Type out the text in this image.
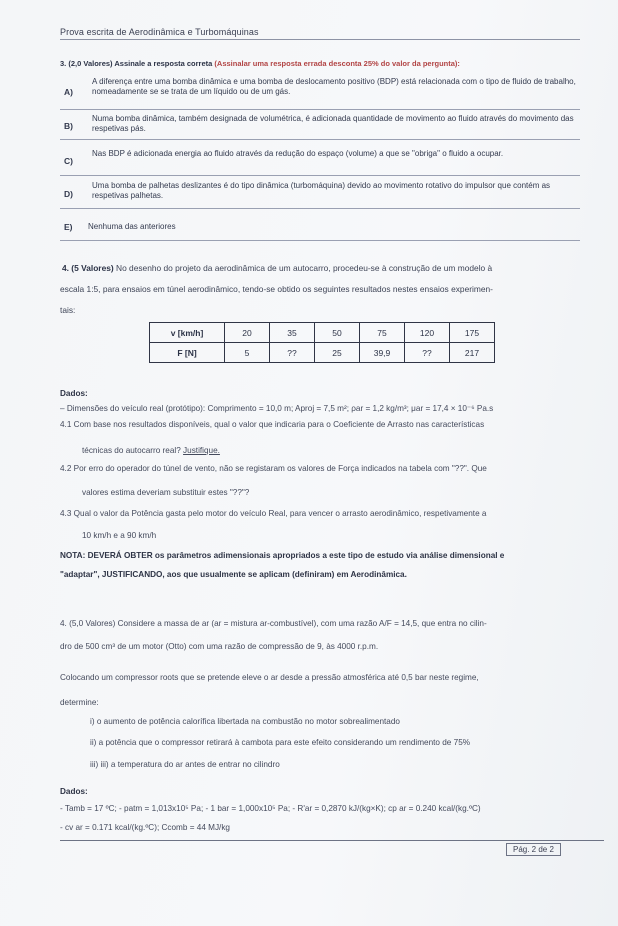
Prova escrita de Aerodinâmica e Turbomáquinas
3. (2,0 Valores) Assinale a resposta correta (Assinalar uma resposta errada desconta 25% do valor da pergunta):
A)
A diferença entre uma bomba dinâmica e uma bomba de deslocamento positivo (BDP) está relacionada com o tipo de fluido de trabalho, nomeadamente se se trata de um líquido ou de um gás.
B)
Numa bomba dinâmica, também designada de volumétrica, é adicionada quantidade de movimento ao fluido através do movimento das respetivas pás.
C)
Nas BDP é adicionada energia ao fluido através da redução do espaço (volume) a que se "obriga" o fluido a ocupar.
D)
Uma bomba de palhetas deslizantes é do tipo dinâmica (turbomáquina) devido ao movimento rotativo do impulsor que contém as respetivas palhetas.
E) Nenhuma das anteriores
4. (5 Valores) No desenho do projeto da aerodinâmica de um autocarro, procedeu-se à construção de um modelo à
escala 1:5, para ensaios em túnel aerodinâmico, tendo-se obtido os seguintes resultados nestes ensaios experimen-
tais:
v [km/h]	20	35	50	75	120	175
F [N]	5	??	25	39,9	??	217
Dados:
– Dimensões do veículo real (protótipo): Comprimento = 10,0 m; Aproj = 7,5 m²; ρar = 1,2 kg/m³; μar = 17,4 × 10⁻⁶ Pa.s
4.1 Com base nos resultados disponíveis, qual o valor que indicaria para o Coeficiente de Arrasto nas características
técnicas do autocarro real? Justifique.
4.2 Por erro do operador do túnel de vento, não se registaram os valores de Força indicados na tabela com "??". Que
valores estima deveriam substituir estes "??"?
4.3 Qual o valor da Potência gasta pelo motor do veículo Real, para vencer o arrasto aerodinâmico, respetivamente a
10 km/h e a 90 km/h
NOTA: DEVERÁ OBTER os parâmetros adimensionais apropriados a este tipo de estudo via análise dimensional e
"adaptar", JUSTIFICANDO, aos que usualmente se aplicam (definiram) em Aerodinâmica.
4. (5,0 Valores) Considere a massa de ar (ar = mistura ar-combustível), com uma razão A/F = 14,5, que entra no cilin-
dro de 500 cm³ de um motor (Otto) com uma razão de compressão de 9, às 4000 r.p.m.
Colocando um compressor roots que se pretende eleve o ar desde a pressão atmosférica até 0,5 bar neste regime,
determine:
i) o aumento de potência calorífica libertada na combustão no motor sobrealimentado
ii) a potência que o compressor retirará à cambota para este efeito considerando um rendimento de 75%
iii) iii) a temperatura do ar antes de entrar no cilindro
Dados:
- Tamb = 17 ºC; - patm = 1,013x10⁵ Pa; - 1 bar = 1,000x10⁵ Pa; - R'ar = 0,2870 kJ/(kg×K); cp ar = 0.240 kcal/(kg.ºC)
- cv ar = 0.171 kcal/(kg.ºC); Ccomb = 44 MJ/kg
Pág. 2 de 2
